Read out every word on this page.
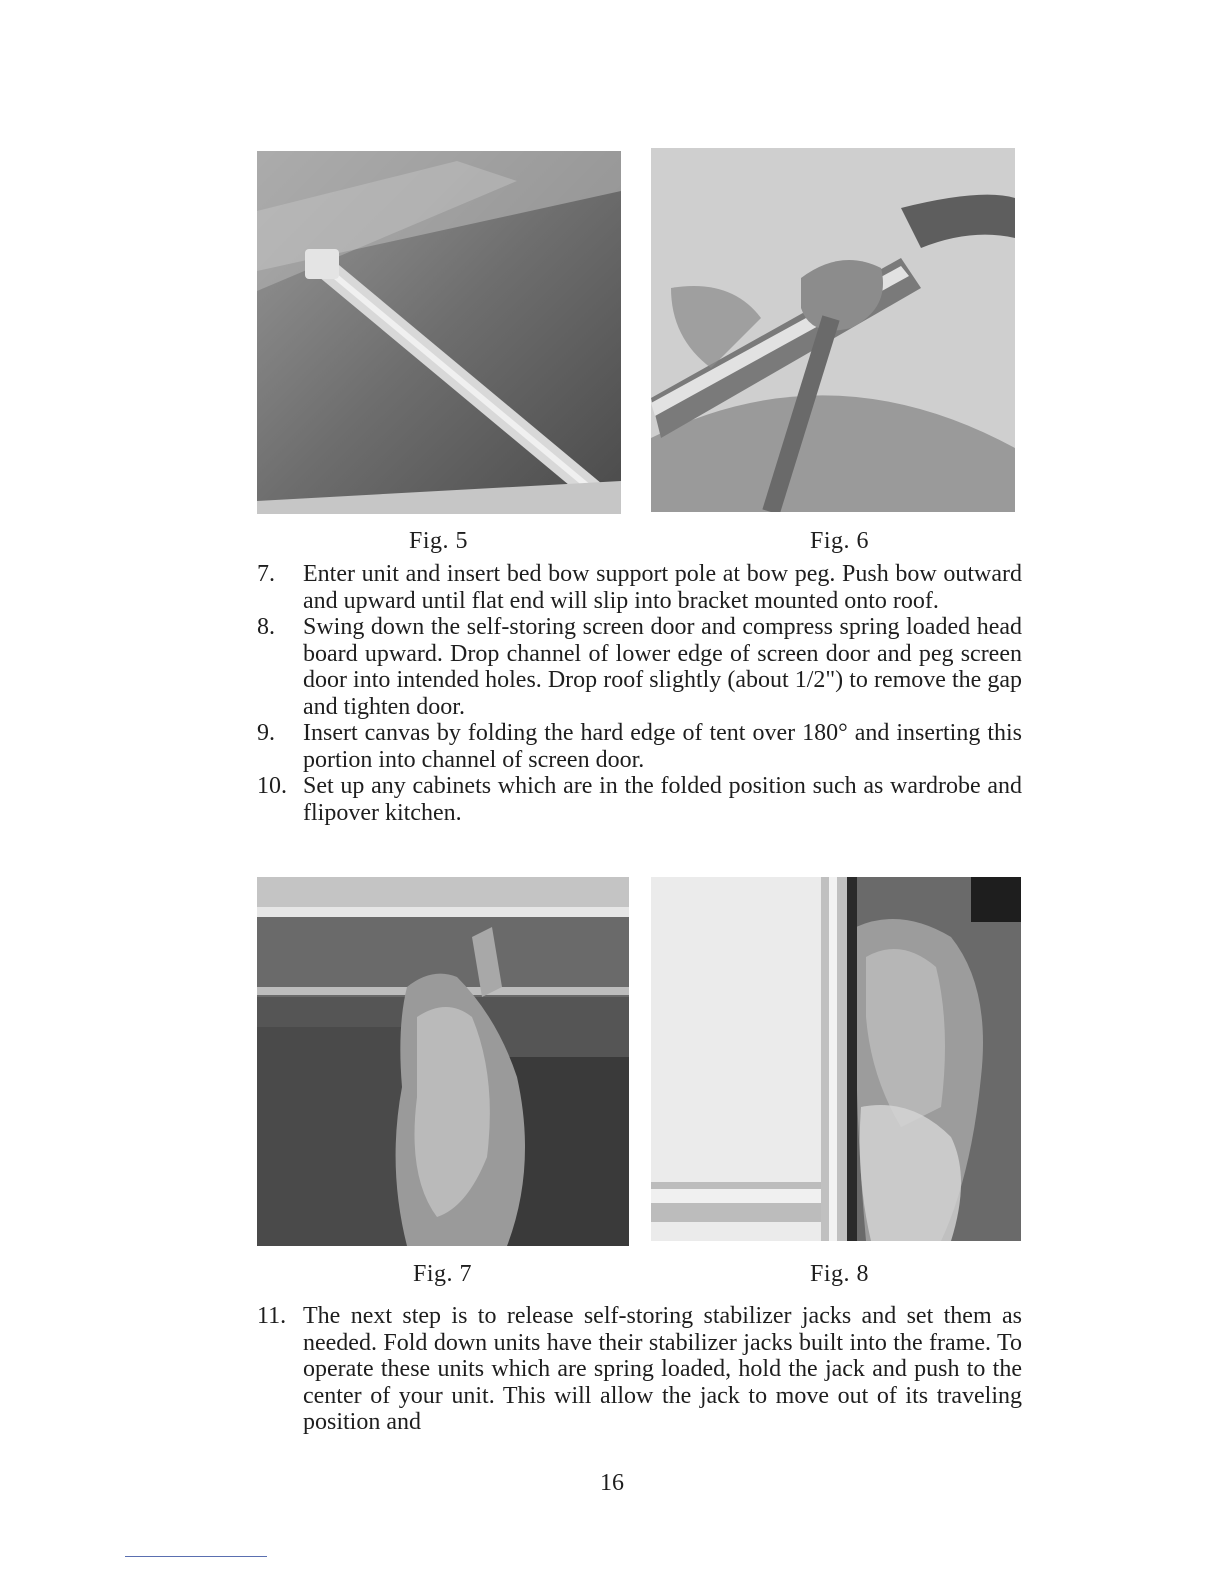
Fig. 5	Fig. 6

7.	Enter unit and insert bed bow support pole at bow peg. Push bow outward and upward until flat end will slip into bracket mounted onto roof.

8.	Swing down the self-storing screen door and compress spring loaded head board upward. Drop channel of lower edge of screen door and peg screen door into intended holes. Drop roof slightly (about 1/2") to remove the gap and tighten door.

9.	Insert canvas by folding the hard edge of tent over 180° and inserting this portion into channel of screen door.

10. Set up any cabinets which are in the folded position such as wardrobe and flipover kitchen.

Fig. 7	Fig. 8

11. The next step is to release self-storing stabilizer jacks and set them as needed. Fold down units have their stabilizer jacks built into the frame. To operate these units which are spring loaded, hold the jack and push to the center of your unit. This will allow the jack to move out of its traveling position and

16
